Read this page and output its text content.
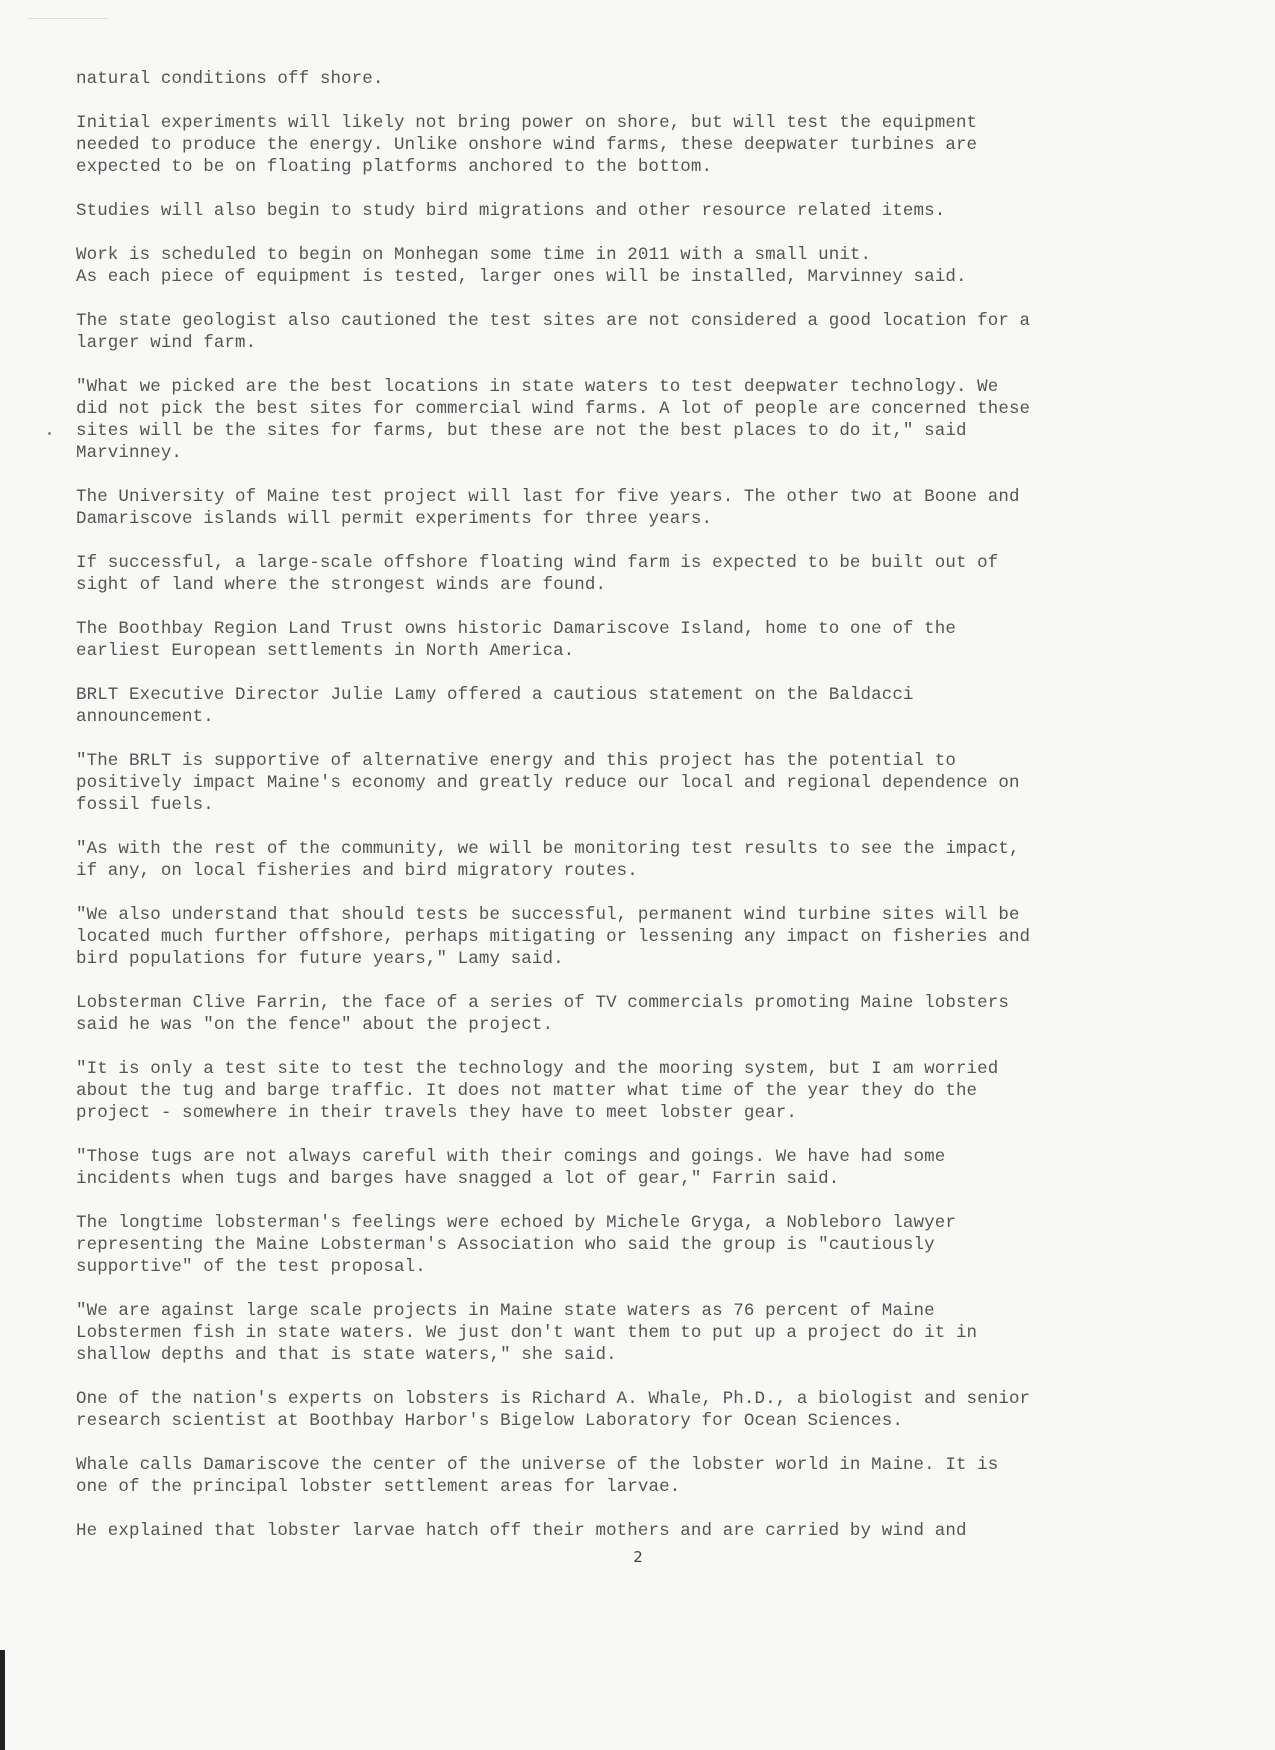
natural conditions off shore.

Initial experiments will likely not bring power on shore, but will test the equipment
needed to produce the energy. Unlike onshore wind farms, these deepwater turbines are
expected to be on floating platforms anchored to the bottom.

Studies will also begin to study bird migrations and other resource related items.

Work is scheduled to begin on Monhegan some time in 2011 with a small unit.
As each piece of equipment is tested, larger ones will be installed, Marvinney said.

The state geologist also cautioned the test sites are not considered a good location for a
larger wind farm.

"What we picked are the best locations in state waters to test deepwater technology. We
did not pick the best sites for commercial wind farms. A lot of people are concerned these
sites will be the sites for farms, but these are not the best places to do it," said
Marvinney.

The University of Maine test project will last for five years. The other two at Boone and
Damariscove islands will permit experiments for three years.

If successful, a large-scale offshore floating wind farm is expected to be built out of
sight of land where the strongest winds are found.

The Boothbay Region Land Trust owns historic Damariscove Island, home to one of the
earliest European settlements in North America.

BRLT Executive Director Julie Lamy offered a cautious statement on the Baldacci
announcement.

"The BRLT is supportive of alternative energy and this project has the potential to
positively impact Maine's economy and greatly reduce our local and regional dependence on
fossil fuels.

"As with the rest of the community, we will be monitoring test results to see the impact,
if any, on local fisheries and bird migratory routes.

"We also understand that should tests be successful, permanent wind turbine sites will be
located much further offshore, perhaps mitigating or lessening any impact on fisheries and
bird populations for future years," Lamy said.

Lobsterman Clive Farrin, the face of a series of TV commercials promoting Maine lobsters
said he was "on the fence" about the project.

"It is only a test site to test the technology and the mooring system, but I am worried
about the tug and barge traffic. It does not matter what time of the year they do the
project - somewhere in their travels they have to meet lobster gear.

"Those tugs are not always careful with their comings and goings. We have had some
incidents when tugs and barges have snagged a lot of gear," Farrin said.

The longtime lobsterman's feelings were echoed by Michele Gryga, a Nobleboro lawyer
representing the Maine Lobsterman's Association who said the group is "cautiously
supportive" of the test proposal.

"We are against large scale projects in Maine state waters as 76 percent of Maine
Lobstermen fish in state waters. We just don't want them to put up a project do it in
shallow depths and that is state waters," she said.

One of the nation's experts on lobsters is Richard A. Whale, Ph.D., a biologist and senior
research scientist at Boothbay Harbor's Bigelow Laboratory for Ocean Sciences.

Whale calls Damariscove the center of the universe of the lobster world in Maine. It is
one of the principal lobster settlement areas for larvae.

He explained that lobster larvae hatch off their mothers and are carried by wind and

2
